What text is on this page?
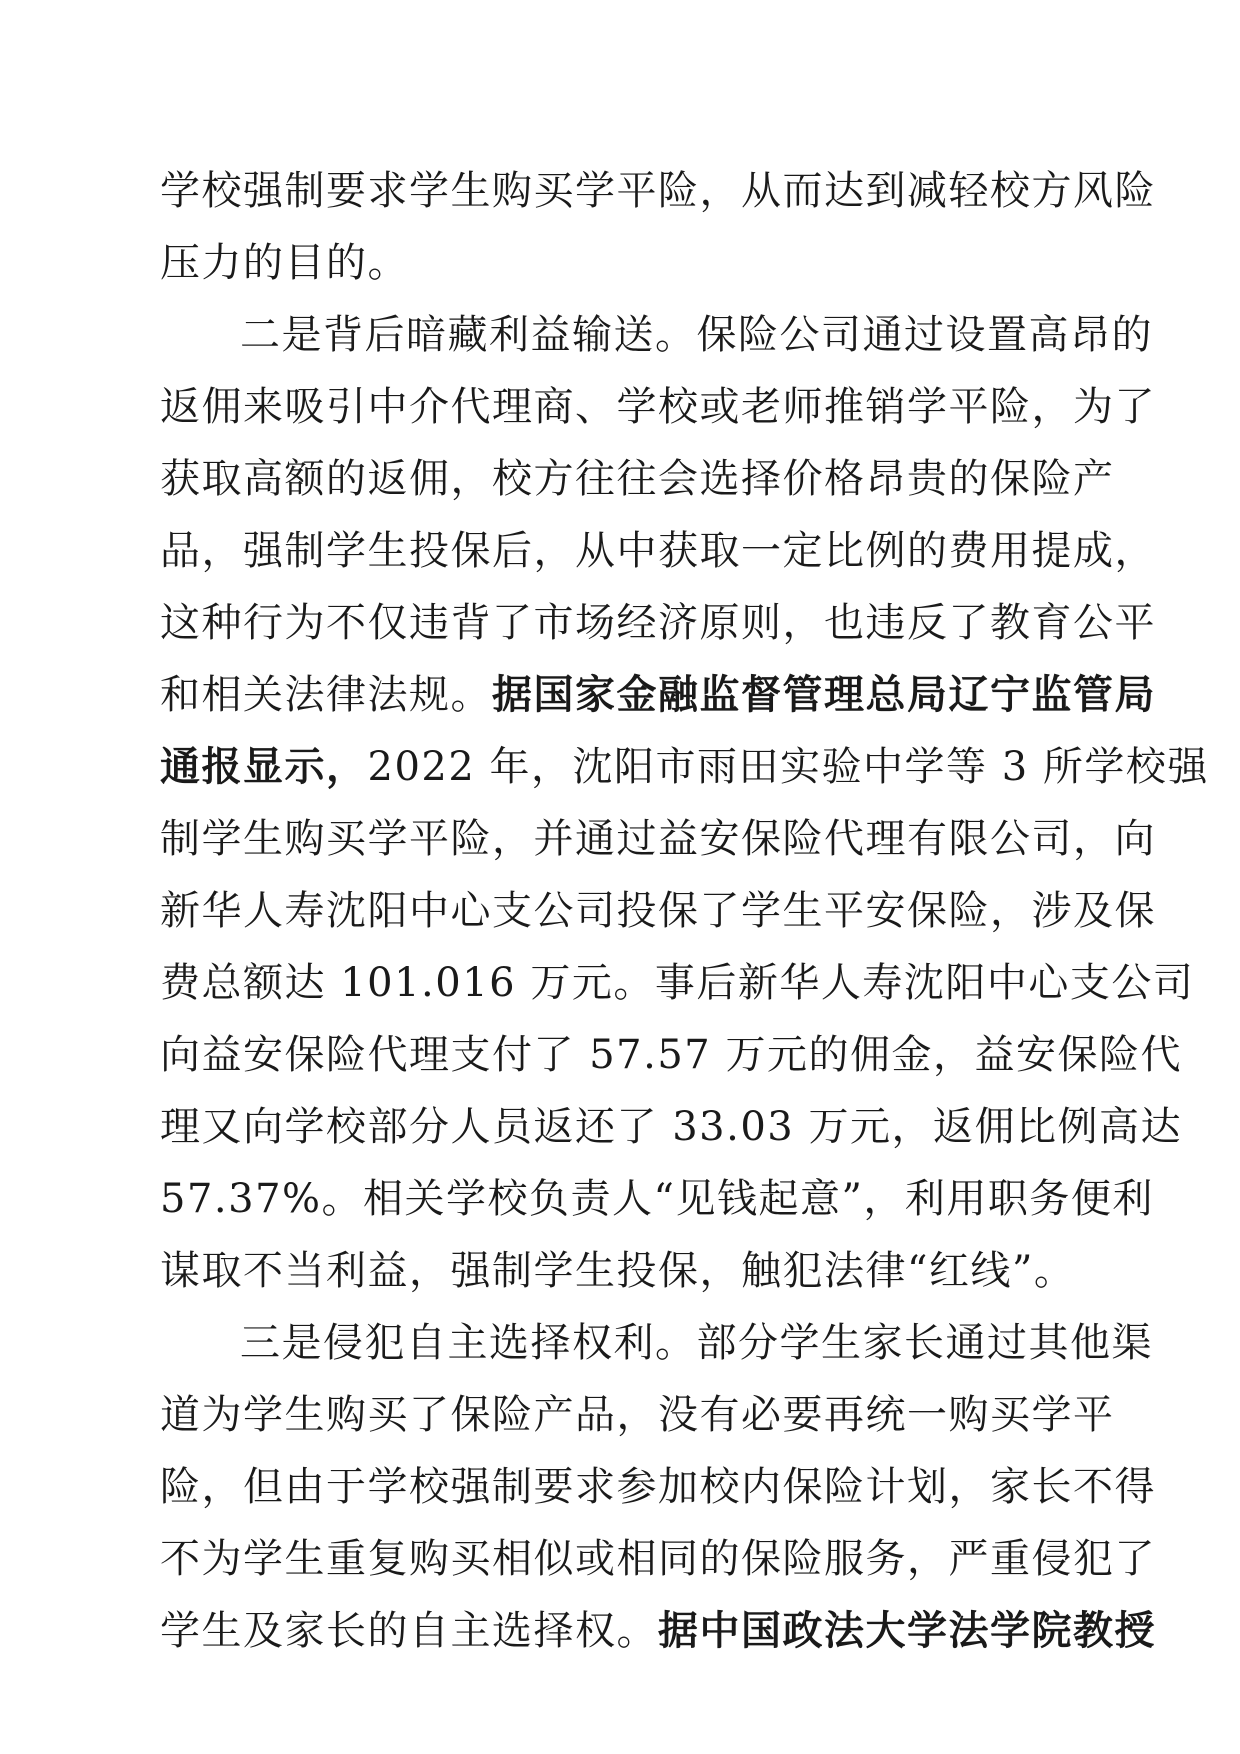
学校强制要求学生购买学平险，从而达到减轻校方风险
压力的目的。
二是背后暗藏利益输送。保险公司通过设置高昂的
返佣来吸引中介代理商、学校或老师推销学平险，为了
获取高额的返佣，校方往往会选择价格昂贵的保险产
品，强制学生投保后，从中获取一定比例的费用提成，
这种行为不仅违背了市场经济原则，也违反了教育公平
和相关法律法规。据国家金融监督管理总局辽宁监管局
通报显示，2022 年，沈阳市雨田实验中学等 3 所学校强
制学生购买学平险，并通过益安保险代理有限公司，向
新华人寿沈阳中心支公司投保了学生平安保险，涉及保
费总额达 101.016 万元。事后新华人寿沈阳中心支公司
向益安保险代理支付了 57.57 万元的佣金，益安保险代
理又向学校部分人员返还了 33.03 万元，返佣比例高达
57.37%。相关学校负责人“见钱起意”，利用职务便利
谋取不当利益，强制学生投保，触犯法律“红线”。
三是侵犯自主选择权利。部分学生家长通过其他渠
道为学生购买了保险产品，没有必要再统一购买学平
险，但由于学校强制要求参加校内保险计划，家长不得
不为学生重复购买相似或相同的保险服务，严重侵犯了
学生及家长的自主选择权。据中国政法大学法学院教授
